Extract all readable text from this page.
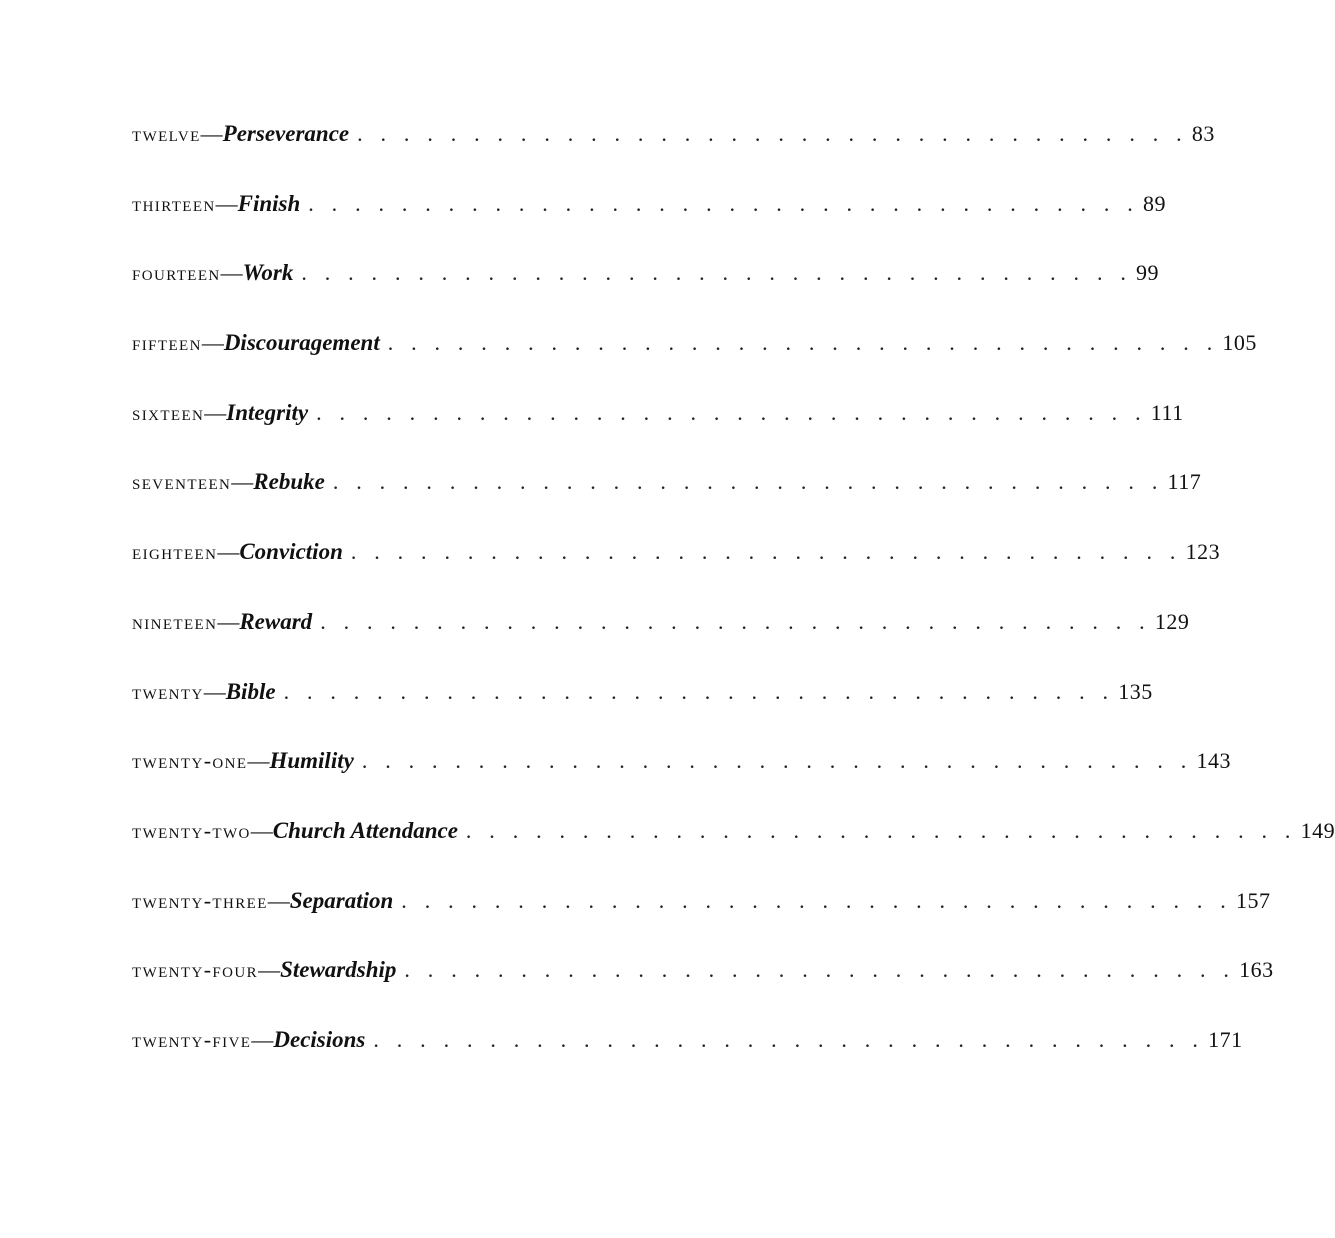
twelve — Perseverance . . . . . . . . . . . . . . . . . . . . . . . . . . . . . . . . . . . . 83
thirteen — Finish . . . . . . . . . . . . . . . . . . . . . . . . . . . . . . . . . . . . 89
fourteen — Work . . . . . . . . . . . . . . . . . . . . . . . . . . . . . . . . . . . . 99
fifteen — Discouragement . . . . . . . . . . . . . . . . . . . . . . . . . . . . . . . . . . . . 105
sixteen — Integrity . . . . . . . . . . . . . . . . . . . . . . . . . . . . . . . . . . . . 111
seventeen — Rebuke . . . . . . . . . . . . . . . . . . . . . . . . . . . . . . . . . . . . 117
eighteen — Conviction . . . . . . . . . . . . . . . . . . . . . . . . . . . . . . . . . . . . 123
nineteen — Reward . . . . . . . . . . . . . . . . . . . . . . . . . . . . . . . . . . . . 129
twenty — Bible . . . . . . . . . . . . . . . . . . . . . . . . . . . . . . . . . . . . 135
twenty-one — Humility . . . . . . . . . . . . . . . . . . . . . . . . . . . . . . . . . . . . 143
twenty-two — Church Attendance . . . . . . . . . . . . . . . . . . . . . . . . . . . . . . . . . . . . 149
twenty-three — Separation . . . . . . . . . . . . . . . . . . . . . . . . . . . . . . . . . . . . 157
twenty-four — Stewardship . . . . . . . . . . . . . . . . . . . . . . . . . . . . . . . . . . . . 163
twenty-five — Decisions . . . . . . . . . . . . . . . . . . . . . . . . . . . . . . . . . . . . 171
